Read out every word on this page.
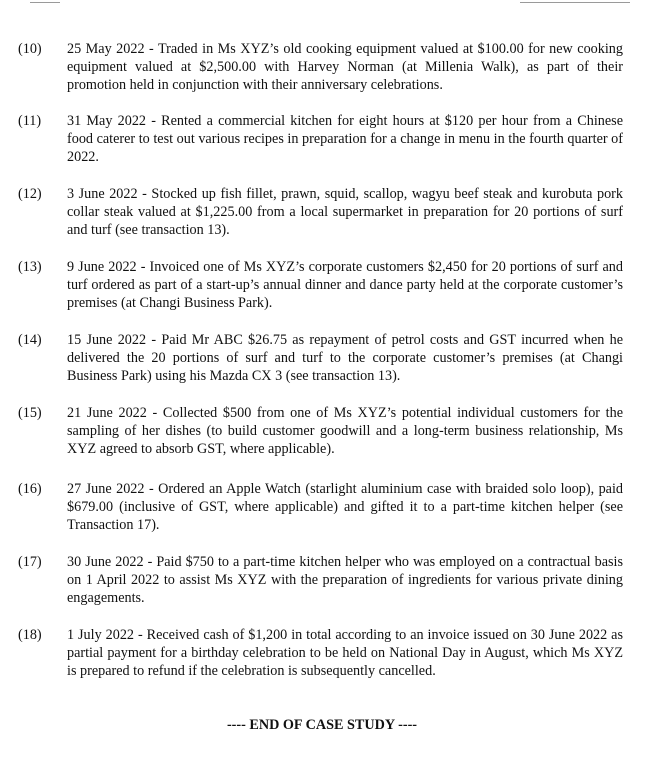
(10) 25 May 2022 - Traded in Ms XYZ’s old cooking equipment valued at $100.00 for new cooking equipment valued at $2,500.00 with Harvey Norman (at Millenia Walk), as part of their promotion held in conjunction with their anniversary celebrations.
(11) 31 May 2022 - Rented a commercial kitchen for eight hours at $120 per hour from a Chinese food caterer to test out various recipes in preparation for a change in menu in the fourth quarter of 2022.
(12) 3 June 2022 - Stocked up fish fillet, prawn, squid, scallop, wagyu beef steak and kurobuta pork collar steak valued at $1,225.00 from a local supermarket in preparation for 20 portions of surf and turf (see transaction 13).
(13) 9 June 2022 - Invoiced one of Ms XYZ’s corporate customers $2,450 for 20 portions of surf and turf ordered as part of a start-up’s annual dinner and dance party held at the corporate customer’s premises (at Changi Business Park).
(14) 15 June 2022 - Paid Mr ABC $26.75 as repayment of petrol costs and GST incurred when he delivered the 20 portions of surf and turf to the corporate customer’s premises (at Changi Business Park) using his Mazda CX 3 (see transaction 13).
(15) 21 June 2022 - Collected $500 from one of Ms XYZ’s potential individual customers for the sampling of her dishes (to build customer goodwill and a long-term business relationship, Ms XYZ agreed to absorb GST, where applicable).
(16) 27 June 2022 - Ordered an Apple Watch (starlight aluminium case with braided solo loop), paid $679.00 (inclusive of GST, where applicable) and gifted it to a part-time kitchen helper (see Transaction 17).
(17) 30 June 2022 - Paid $750 to a part-time kitchen helper who was employed on a contractual basis on 1 April 2022 to assist Ms XYZ with the preparation of ingredients for various private dining engagements.
(18) 1 July 2022 - Received cash of $1,200 in total according to an invoice issued on 30 June 2022 as partial payment for a birthday celebration to be held on National Day in August, which Ms XYZ is prepared to refund if the celebration is subsequently cancelled.
---- END OF CASE STUDY ----
